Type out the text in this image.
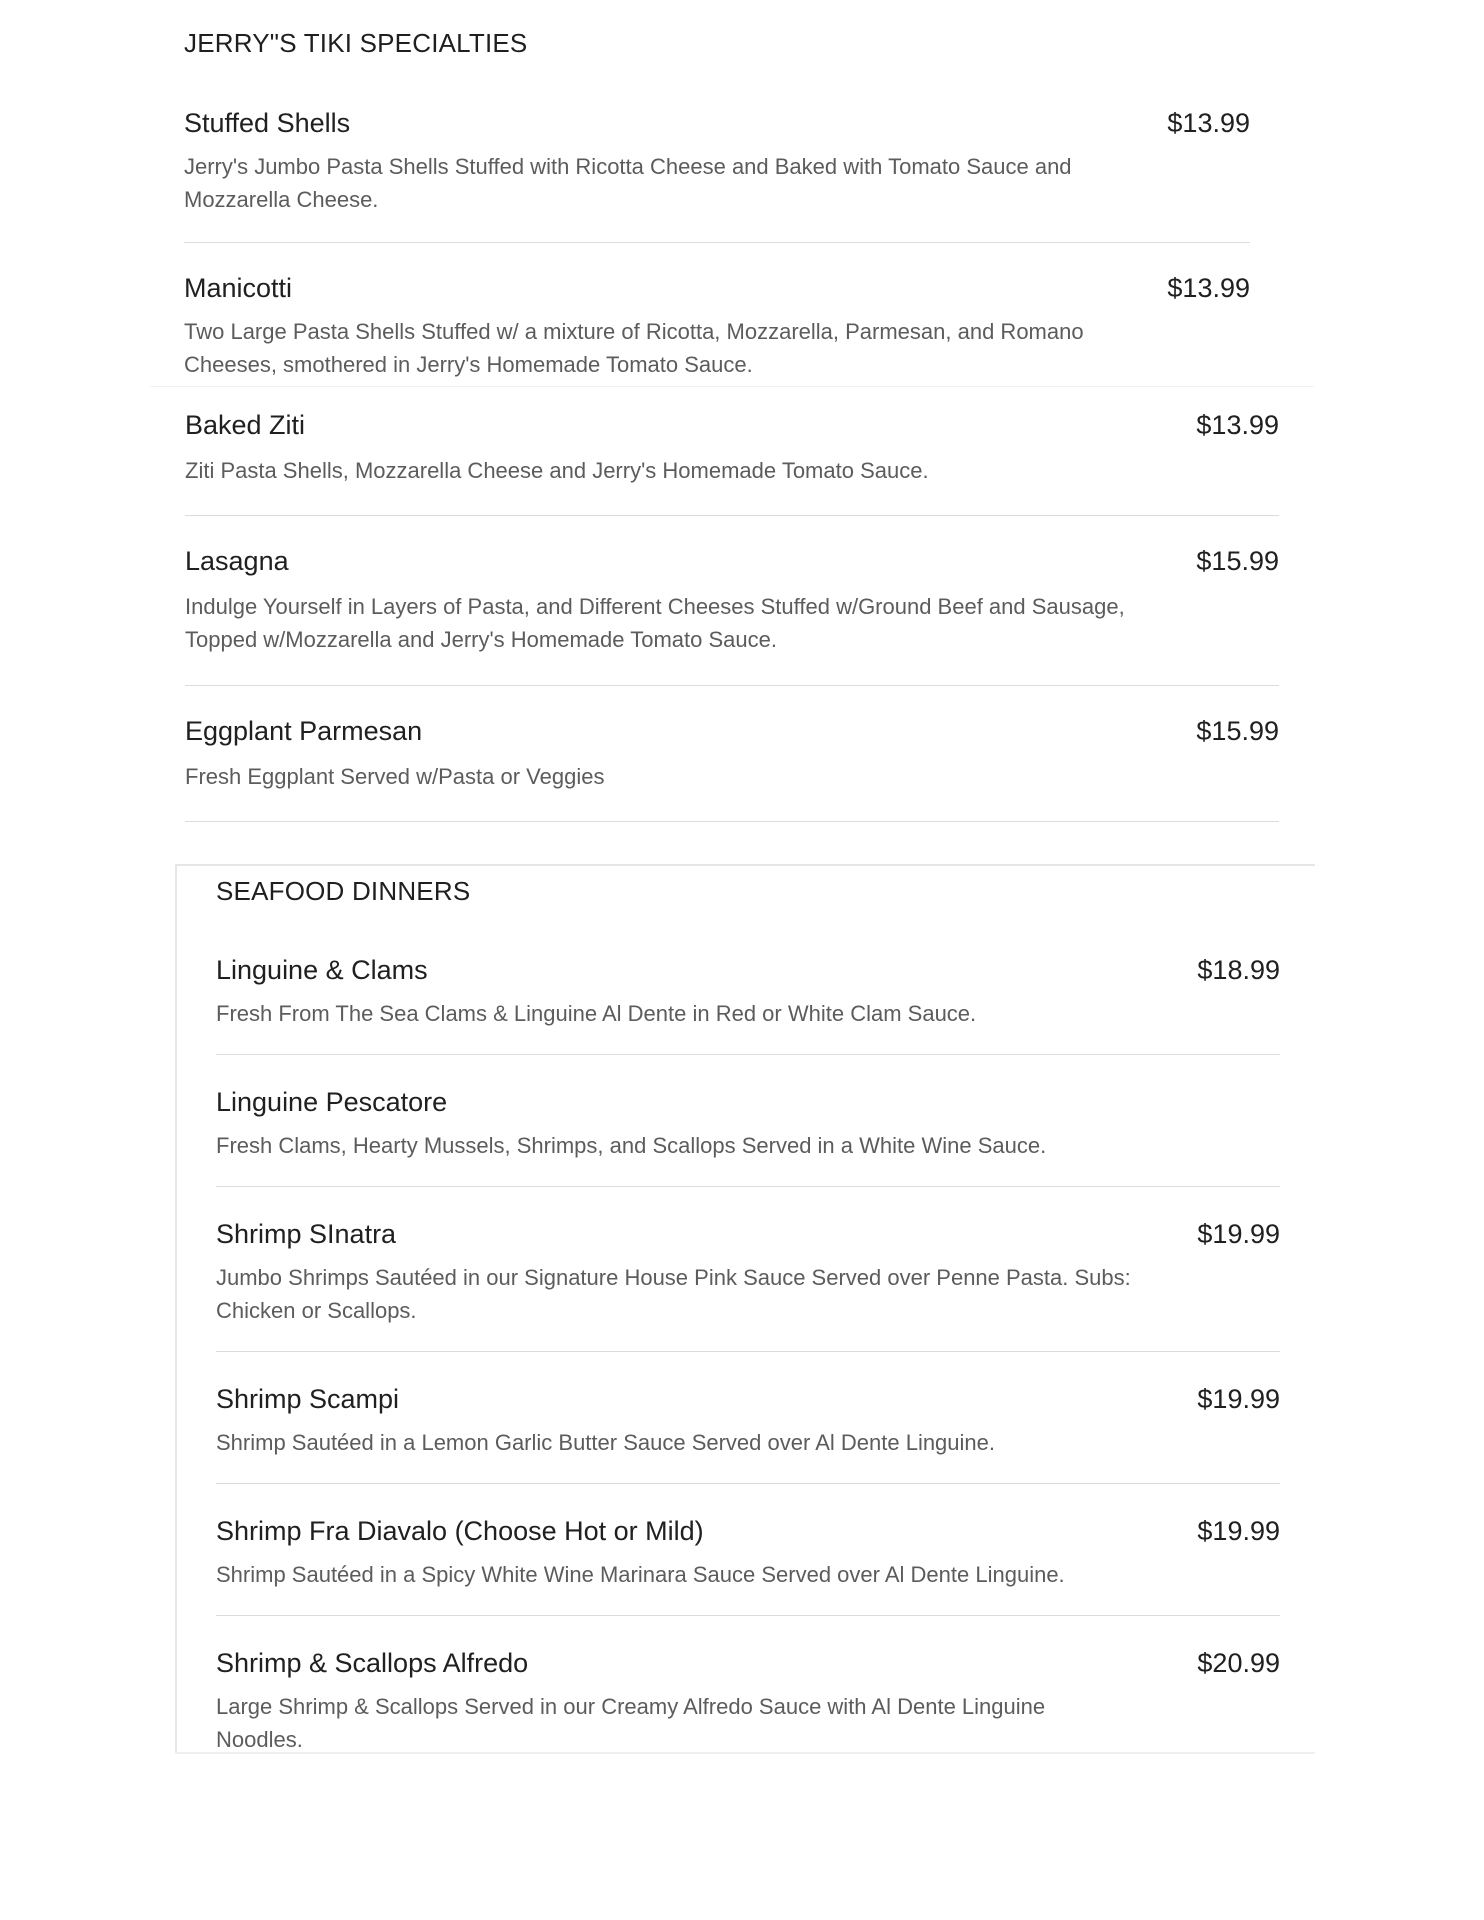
JERRY"S TIKI SPECIALTIES
Stuffed Shells	$13.99
Jerry's Jumbo Pasta Shells Stuffed with Ricotta Cheese and Baked with Tomato Sauce and Mozzarella Cheese.
Manicotti	$13.99
Two Large Pasta Shells Stuffed w/ a mixture of Ricotta, Mozzarella, Parmesan, and Romano Cheeses, smothered in Jerry's Homemade Tomato Sauce.
Baked Ziti	$13.99
Ziti Pasta Shells, Mozzarella Cheese and Jerry's Homemade Tomato Sauce.
Lasagna	$15.99
Indulge Yourself in Layers of Pasta, and Different Cheeses Stuffed w/Ground Beef and Sausage, Topped w/Mozzarella and Jerry's Homemade Tomato Sauce.
Eggplant Parmesan	$15.99
Fresh Eggplant Served w/Pasta or Veggies
SEAFOOD DINNERS
Linguine & Clams	$18.99
Fresh From The Sea Clams & Linguine Al Dente in Red or White Clam Sauce.
Linguine Pescatore
Fresh Clams, Hearty Mussels, Shrimps, and Scallops Served in a White Wine Sauce.
Shrimp SInatra	$19.99
Jumbo Shrimps Sautéed in our Signature House Pink Sauce Served over Penne Pasta. Subs: Chicken or Scallops.
Shrimp Scampi	$19.99
Shrimp Sautéed in a Lemon Garlic Butter Sauce Served over Al Dente Linguine.
Shrimp Fra Diavalo (Choose Hot or Mild)	$19.99
Shrimp Sautéed in a Spicy White Wine Marinara Sauce Served over Al Dente Linguine.
Shrimp & Scallops Alfredo	$20.99
Large Shrimp & Scallops Served in our Creamy Alfredo Sauce with Al Dente Linguine Noodles.
